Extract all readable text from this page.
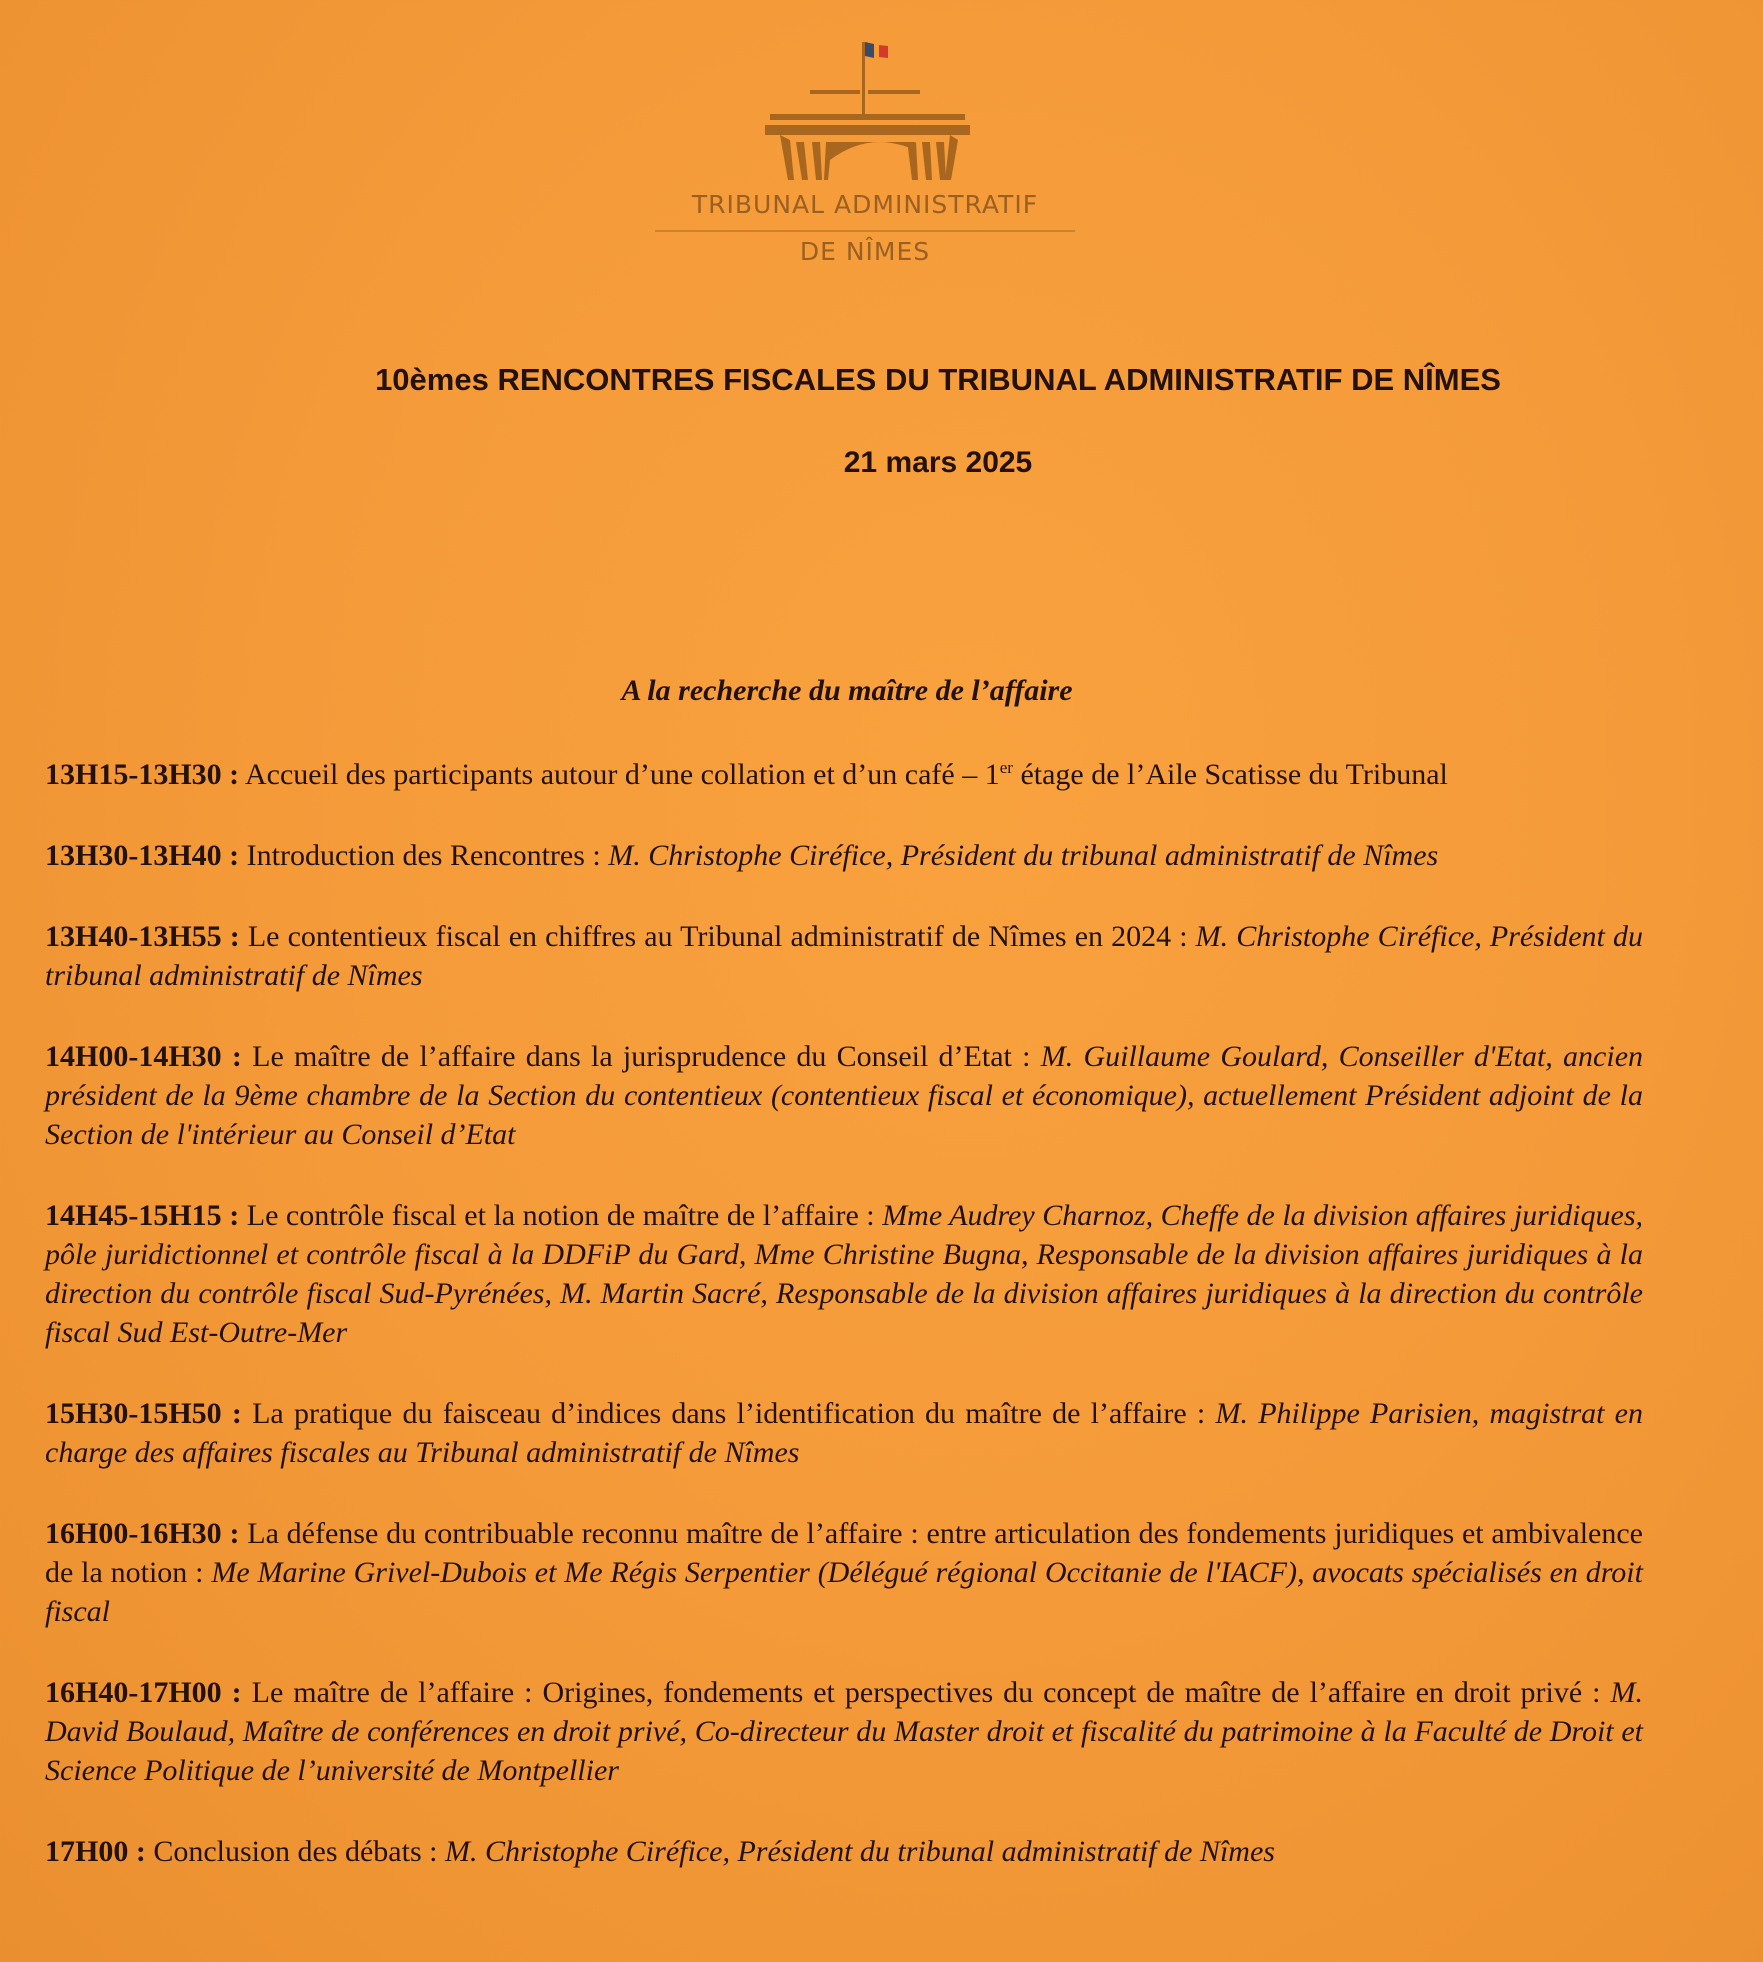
TRIBUNAL ADMINISTRATIF
DE NÎMES
10èmes RENCONTRES FISCALES DU TRIBUNAL ADMINISTRATIF DE NÎMES
21 mars 2025
A la recherche du maître de l’affaire

13H15-13H30 : Accueil des participants autour d’une collation et d’un café – 1er étage de l’Aile Scatisse du Tribunal

13H30-13H40 : Introduction des Rencontres : M. Christophe Ciréfice, Président du tribunal administratif de Nîmes

13H40-13H55 : Le contentieux fiscal en chiffres au Tribunal administratif de Nîmes en 2024 : M. Christophe Ciréfice, Président du tribunal administratif de Nîmes

14H00-14H30 : Le maître de l’affaire dans la jurisprudence du Conseil d’Etat : M. Guillaume Goulard, Conseiller d'Etat, ancien président de la 9ème chambre de la Section du contentieux (contentieux fiscal et économique), actuellement Président adjoint de la Section de l'intérieur au Conseil d’Etat

14H45-15H15 : Le contrôle fiscal et la notion de maître de l’affaire : Mme Audrey Charnoz, Cheffe de la division affaires juridiques, pôle juridictionnel et contrôle fiscal à la DDFiP du Gard, Mme Christine Bugna, Responsable de la division affaires juridiques à la direction du contrôle fiscal Sud-Pyrénées, M. Martin Sacré, Responsable de la division affaires juridiques à la direction du contrôle fiscal Sud Est-Outre-Mer

15H30-15H50 : La pratique du faisceau d’indices dans l’identification du maître de l’affaire : M. Philippe Parisien, magistrat en charge des affaires fiscales au Tribunal administratif de Nîmes

16H00-16H30 : La défense du contribuable reconnu maître de l’affaire : entre articulation des fondements juridiques et ambivalence de la notion : Me Marine Grivel-Dubois et Me Régis Serpentier (Délégué régional Occitanie de l'IACF), avocats spécialisés en droit fiscal

16H40-17H00 : Le maître de l’affaire : Origines, fondements et perspectives du concept de maître de l’affaire en droit privé : M. David Boulaud, Maître de conférences en droit privé, Co-directeur du Master droit et fiscalité du patrimoine à la Faculté de Droit et Science Politique de l’université de Montpellier

17H00 : Conclusion des débats : M. Christophe Ciréfice, Président du tribunal administratif de Nîmes
